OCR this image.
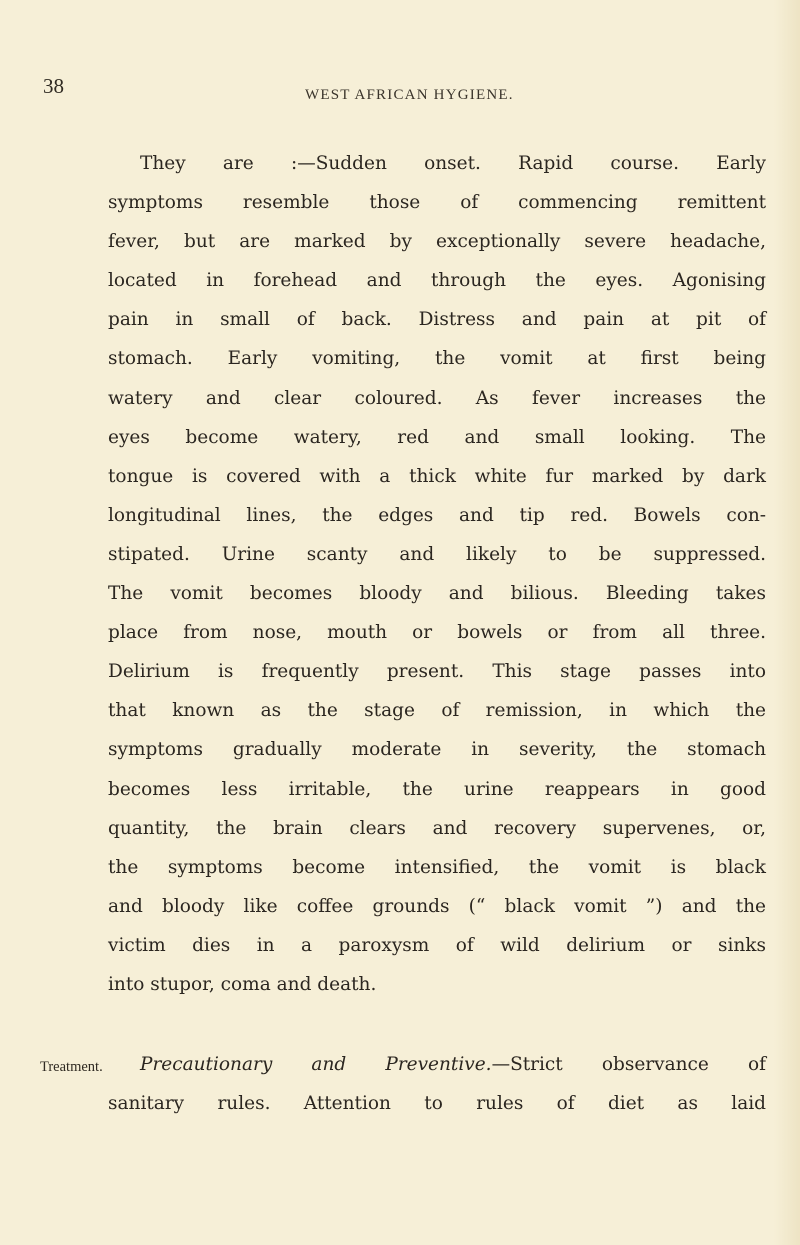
38	WEST AFRICAN HYGIENE.
They are :—Sudden onset. Rapid course. Early
symptoms resemble those of commencing remittent
fever, but are marked by exceptionally severe headache,
located in forehead and through the eyes. Agonising
pain in small of back. Distress and pain at pit of
stomach. Early vomiting, the vomit at first being
watery and clear coloured. As fever increases the
eyes become watery, red and small looking. The
tongue is covered with a thick white fur marked by dark
longitudinal lines, the edges and tip red. Bowels con-
stipated. Urine scanty and likely to be suppressed.
The vomit becomes bloody and bilious. Bleeding takes
place from nose, mouth or bowels or from all three.
Delirium is frequently present. This stage passes into
that known as the stage of remission, in which the
symptoms gradually moderate in severity, the stomach
becomes less irritable, the urine reappears in good
quantity, the brain clears and recovery supervenes, or,
the symptoms become intensified, the vomit is black
and bloody like coffee grounds (“ black vomit ”) and the
victim dies in a paroxysm of wild delirium or sinks
into stupor, coma and death.
Treatment.	Precautionary and Preventive.—Strict observance of
sanitary rules. Attention to rules of diet as laid
